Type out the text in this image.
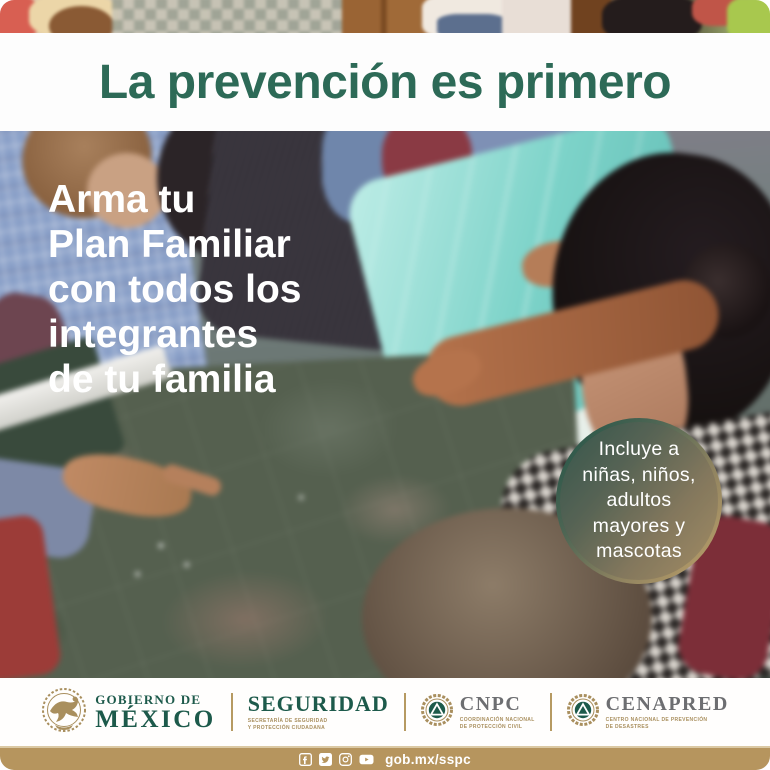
La prevención es primero
Arma tu
Plan Familiar
con todos los
integrantes
de tu familia
Incluye a
niñas, niños,
adultos
mayores y
mascotas
GOBIERNO DE
MÉXICO
SEGURIDAD
SECRETARÍA DE SEGURIDAD
Y PROTECCIÓN CIUDADANA
CNPC
COORDINACIÓN NACIONAL
DE PROTECCIÓN CIVIL
CENAPRED
CENTRO NACIONAL DE PREVENCIÓN
DE DESASTRES
gob.mx/sspc
